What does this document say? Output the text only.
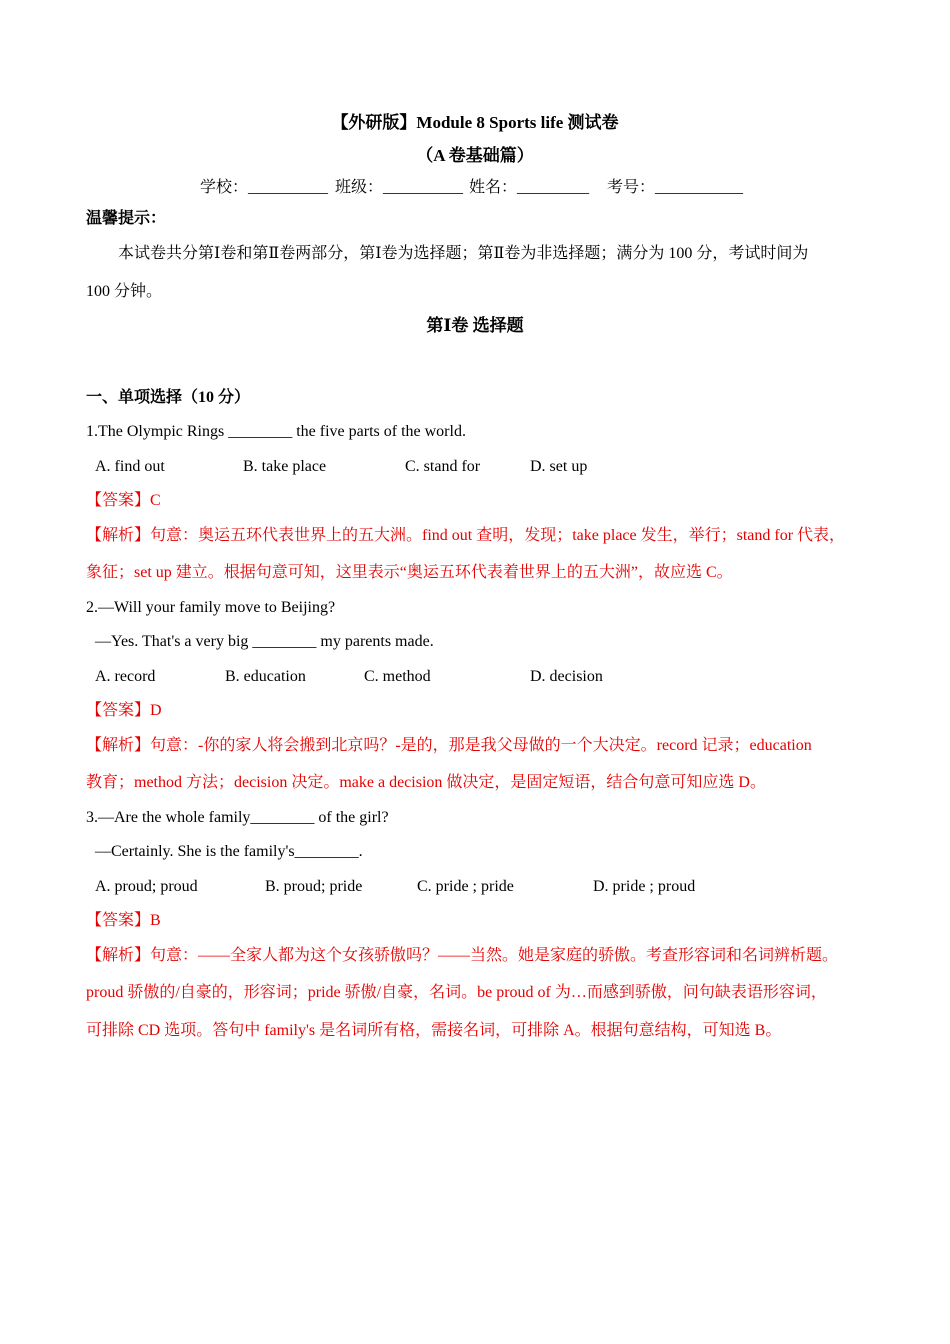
【外研版】Module 8 Sports life 测试卷
（A 卷基础篇）
学校：__________ 班级：__________ 姓名：_________ 考号：___________
温馨提示：
本试卷共分第Ⅰ卷和第Ⅱ卷两部分，第Ⅰ卷为选择题；第Ⅱ卷为非选择题；满分为 100 分，考试时间为
100 分钟。
第Ⅰ卷 选择题
一、单项选择（10 分）
1.The Olympic Rings ________ the five parts of the world.
A. find out	B. take place	C. stand for	D. set up
【答案】C
【解析】句意：奥运五环代表世界上的五大洲。find out 查明，发现；take place 发生，举行；stand for 代表，
象征；set up 建立。根据句意可知，这里表示“奥运五环代表着世界上的五大洲”，故应选 C。
2.—Will your family move to Beijing?
—Yes. That's a very big ________ my parents made.
A. record	B. education	C. method	D. decision
【答案】D
【解析】句意：-你的家人将会搬到北京吗？-是的，那是我父母做的一个大决定。record 记录；education
教育；method 方法；decision 决定。make a decision 做决定，是固定短语，结合句意可知应选 D。
3.—Are the whole family________ of the girl?
—Certainly. She is the family's________.
A. proud; proud	B. proud; pride	C. pride ; pride	D. pride ; proud
【答案】B
【解析】句意：——全家人都为这个女孩骄傲吗？——当然。她是家庭的骄傲。考查形容词和名词辨析题。
proud 骄傲的/自豪的，形容词；pride 骄傲/自豪，名词。be proud of 为…而感到骄傲，问句缺表语形容词，
可排除 CD 选项。答句中 family's 是名词所有格，需接名词，可排除 A。根据句意结构，可知选 B。
